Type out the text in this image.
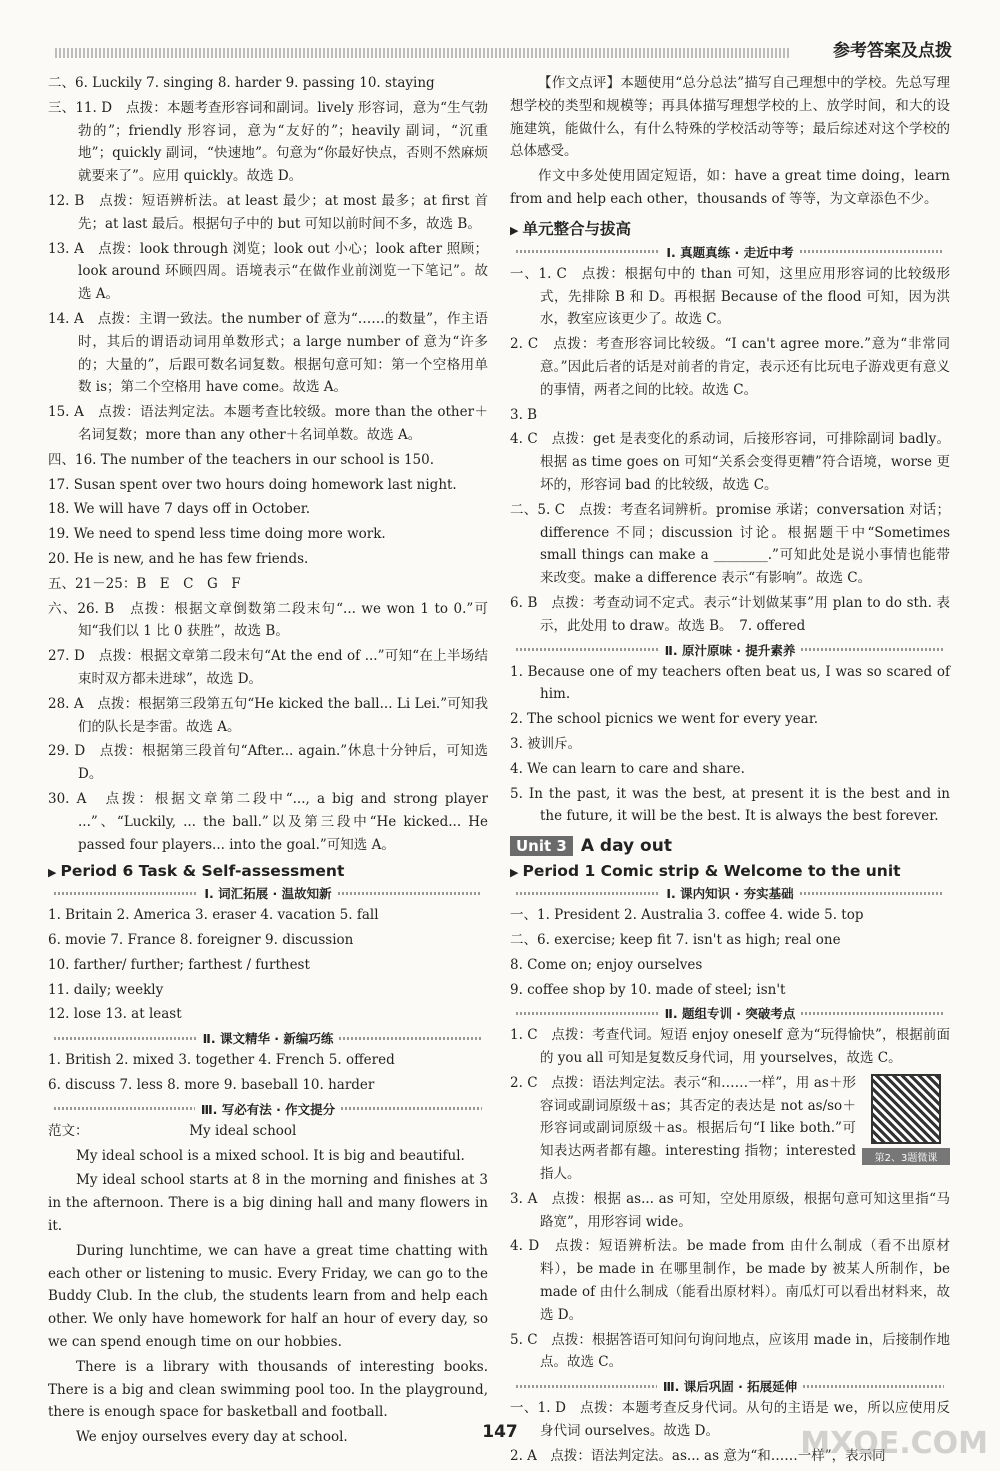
参考答案及点拨

二、6. Luckily 7. singing 8. harder 9. passing 10. staying

三、11. D　点拨：本题考查形容词和副词。lively 形容词，意为“生气勃勃的”；friendly 形容词，意为“友好的”；heavily 副词，“沉重地”；quickly 副词，“快速地”。句意为“你最好快点，否则不然麻烦就要来了”。应用 quickly。故选 D。

12. B　点拨：短语辨析法。at least 最少；at most 最多；at first 首先；at last 最后。根据句子中的 but 可知以前时间不多，故选 B。

13. A　点拨：look through 浏览；look out 小心；look after 照顾；look around 环顾四周。语境表示“在做作业前浏览一下笔记”。故选 A。

14. A　点拨：主谓一致法。the number of 意为“……的数量”，作主语时，其后的谓语动词用单数形式；a large number of 意为“许多的；大量的”，后跟可数名词复数。根据句意可知：第一个空格用单数 is；第二个空格用 have come。故选 A。

15. A　点拨：语法判定法。本题考查比较级。more than the other＋名词复数；more than any other＋名词单数。故选 A。

四、16. The number of the teachers in our school is 150.

17. Susan spent over two hours doing homework last night.

18. We will have 7 days off in October.

19. We need to spend less time doing more work.

20. He is new, and he has few friends.

五、21－25：B　E　C　G　F

六、26. B　点拨：根据文章倒数第二段末句“... we won 1 to 0.”可知“我们以 1 比 0 获胜”，故选 B。

27. D　点拨：根据文章第二段末句“At the end of ...”可知“在上半场结束时双方都未进球”，故选 D。

28. A　点拨：根据第三段第五句“He kicked the ball... Li Lei.”可知我们的队长是李雷。故选 A。

29. D　点拨：根据第三段首句“After... again.”休息十分钟后，可知选 D。

30. A　点拨：根据文章第二段中“..., a big and strong player ...”、“Luckily, ... the ball.”以及第三段中“He kicked... He passed four players... into the goal.”可知选 A。

▶ Period 6 Task & Self-assessment
Ⅰ. 词汇拓展 · 温故知新

1. Britain 2. America 3. eraser 4. vacation 5. fall

6. movie 7. France 8. foreigner 9. discussion

10. farther/ further; farthest / furthest

11. daily; weekly

12. lose 13. at least

Ⅱ. 课文精华 · 新编巧练

1. British 2. mixed 3. together 4. French 5. offered

6. discuss 7. less 8. more 9. baseball 10. harder

Ⅲ. 写必有法 · 作文提分

范文：	My ideal school

My ideal school is a mixed school. It is big and beautiful.

My ideal school starts at 8 in the morning and finishes at 3 in the afternoon. There is a big dining hall and many flowers in it.

During lunchtime, we can have a great time chatting with each other or listening to music. Every Friday, we can go to the Buddy Club. In the club, the students learn from and help each other. We only have homework for half an hour of every day, so we can spend enough time on our hobbies.

There is a library with thousands of interesting books. There is a big and clean swimming pool too. In the playground, there is enough space for basketball and football.

We enjoy ourselves every day at school.

【作文点评】本题使用“总分总法”描写自己理想中的学校。先总写理想学校的类型和规模等；再具体描写理想学校的上、放学时间，和大的设施建筑，能做什么，有什么特殊的学校活动等等；最后综述对这个学校的总体感受。

作文中多处使用固定短语，如：have a great time doing，learn from and help each other，thousands of 等等，为文章添色不少。

▶ 单元整合与拔高
Ⅰ. 真题真练 · 走近中考

一、1. C　点拨：根据句中的 than 可知，这里应用形容词的比较级形式，先排除 B 和 D。再根据 Because of the flood 可知，因为洪水，教室应该更少了。故选 C。

2. C　点拨：考查形容词比较级。“I can't agree more.”意为“非常同意。”因此后者的话是对前者的肯定，表示还有比玩电子游戏更有意义的事情，两者之间的比较。故选 C。

3. B

4. C　点拨：get 是表变化的系动词，后接形容词，可排除副词 badly。根据 as time goes on 可知“关系会变得更糟”符合语境，worse 更坏的，形容词 bad 的比较级，故选 C。

二、5. C　点拨：考查名词辨析。promise 承诺；conversation 对话；difference 不同；discussion 讨论。根据题干中“Sometimes small things can make a ________.”可知此处是说小事情也能带来改变。make a difference 表示“有影响”。故选 C。

6. B　点拨：考查动词不定式。表示“计划做某事”用 plan to do sth. 表示，此处用 to draw。故选 B。　7. offered

Ⅱ. 原汁原味 · 提升素养

1. Because one of my teachers often beat us, I was so scared of him.

2. The school picnics we went for every year.

3. 被训斥。

4. We can learn to care and share.

5. In the past, it was the best, at present it is the best and in the future, it will be the best. It is always the best forever.

Unit 3 A day out
▶ Period 1 Comic strip & Welcome to the unit
Ⅰ. 课内知识 · 夯实基础

一、1. President 2. Australia 3. coffee 4. wide 5. top

二、6. exercise; keep fit 7. isn't as high; real one

8. Come on; enjoy ourselves

9. coffee shop by 10. made of steel; isn't

Ⅱ. 题组专训 · 突破考点

1. C　点拨：考查代词。短语 enjoy oneself 意为“玩得愉快”，根据前面的 you all 可知是复数反身代词，用 yourselves，故选 C。

第2、3题微课

2. C　点拨：语法判定法。表示“和……一样”，用 as＋形容词或副词原级＋as；其否定的表达是 not as/so＋形容词或副词原级＋as。根据后句“I like both.”可知表达两者都有趣。interesting 指物；interested 指人。

3. A　点拨：根据 as... as 可知，空处用原级，根据句意可知这里指“马路宽”，用形容词 wide。

4. D　点拨：短语辨析法。be made from 由什么制成（看不出原材料），be made in 在哪里制作，be made by 被某人所制作，be made of 由什么制成（能看出原材料）。南瓜灯可以看出材料来，故选 D。

5. C　点拨：根据答语可知问句询问地点，应该用 made in，后接制作地点。故选 C。

Ⅲ. 课后巩固 · 拓展延伸

一、1. D　点拨：本题考查反身代词。从句的主语是 we，所以应使用反身代词 ourselves。故选 D。

2. A　点拨：语法判定法。as... as 意为“和……一样”，表示同

147	MXQE.COM
